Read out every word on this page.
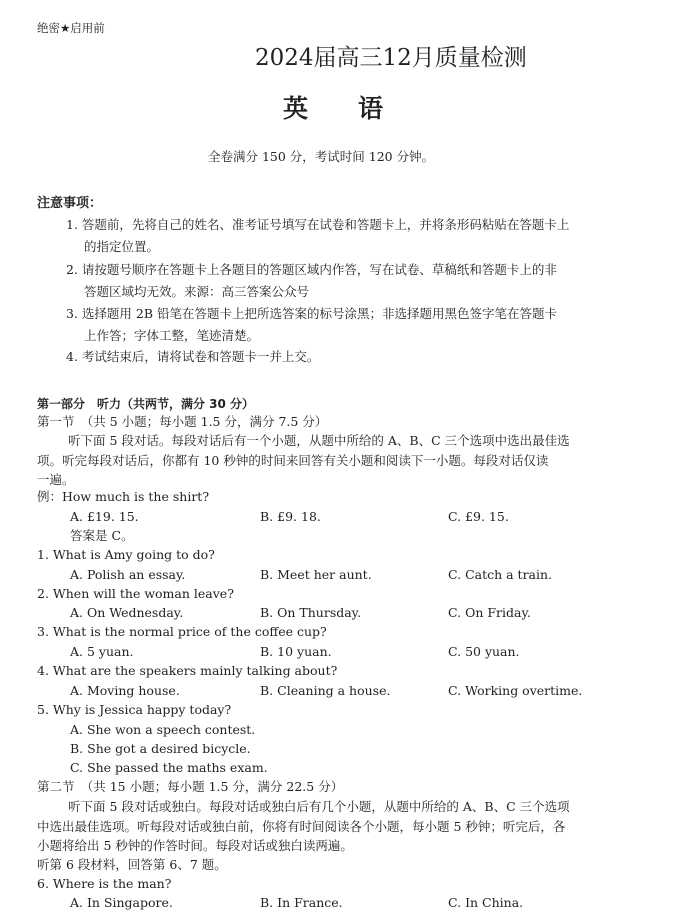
绝密★启用前
2024届高三12月质量检测
英　　语
全卷满分 150 分，考试时间 120 分钟。
注意事项：
1. 答题前，先将自己的姓名、准考证号填写在试卷和答题卡上，并将条形码粘贴在答题卡上
的指定位置。
2. 请按题号顺序在答题卡上各题目的答题区域内作答，写在试卷、草稿纸和答题卡上的非
答题区域均无效。来源：高三答案公众号
3. 选择题用 2B 铅笔在答题卡上把所选答案的标号涂黑；非选择题用黑色签字笔在答题卡
上作答；字体工整，笔迹清楚。
4. 考试结束后，请将试卷和答题卡一并上交。
第一部分　听力（共两节，满分 30 分）
第一节　（共 5 小题；每小题 1.5 分，满分 7.5 分）
听下面 5 段对话。每段对话后有一个小题，从题中所给的 A、B、C 三个选项中选出最佳选
项。听完每段对话后，你都有 10 秒钟的时间来回答有关小题和阅读下一小题。每段对话仅读
一遍。
例：How much is the shirt?
A. £19. 15.	B. £9. 18.	C. £9. 15.
答案是 C。
1. What is Amy going to do?
A. Polish an essay.	B. Meet her aunt.	C. Catch a train.
2. When will the woman leave?
A. On Wednesday.	B. On Thursday.	C. On Friday.
3. What is the normal price of the coffee cup?
A. 5 yuan.	B. 10 yuan.	C. 50 yuan.
4. What are the speakers mainly talking about?
A. Moving house.	B. Cleaning a house.	C. Working overtime.
5. Why is Jessica happy today?
A. She won a speech contest.
B. She got a desired bicycle.
C. She passed the maths exam.
第二节　（共 15 小题；每小题 1.5 分，满分 22.5 分）
听下面 5 段对话或独白。每段对话或独白后有几个小题，从题中所给的 A、B、C 三个选项
中选出最佳选项。听每段对话或独白前，你将有时间阅读各个小题，每小题 5 秒钟；听完后，各
小题将给出 5 秒钟的作答时间。每段对话或独白读两遍。
听第 6 段材料，回答第 6、7 题。
6. Where is the man?
A. In Singapore.	B. In France.	C. In China.
